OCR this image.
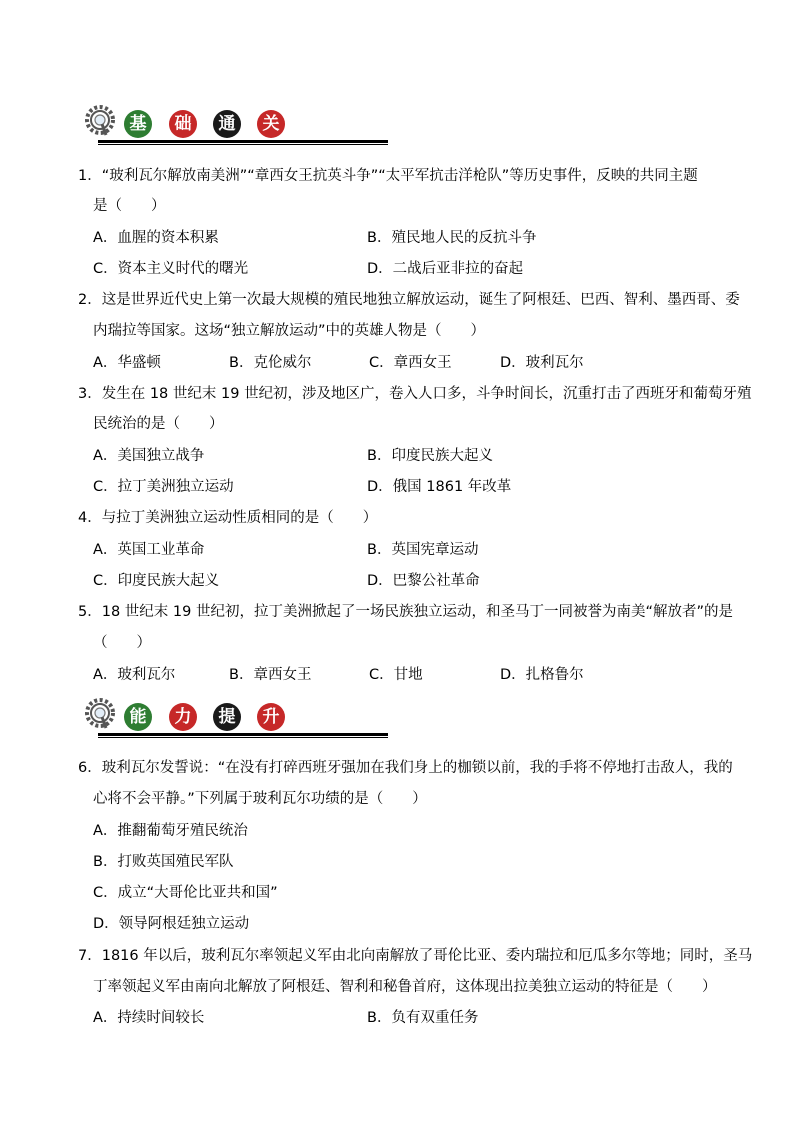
基	础	通	关
1．“玻利瓦尔解放南美洲”“章西女王抗英斗争”“太平军抗击洋枪队”等历史事件，反映的共同主题
是（　　）
A．血腥的资本积累	B．殖民地人民的反抗斗争
C．资本主义时代的曙光	D．二战后亚非拉的奋起
2．这是世界近代史上第一次最大规模的殖民地独立解放运动，诞生了阿根廷、巴西、智利、墨西哥、委
内瑞拉等国家。这场“独立解放运动”中的英雄人物是（　　）
A．华盛顿	B．克伦威尔	C．章西女王	D．玻利瓦尔
3．发生在 18 世纪末 19 世纪初，涉及地区广，卷入人口多，斗争时间长，沉重打击了西班牙和葡萄牙殖
民统治的是（　　）
A．美国独立战争	B．印度民族大起义
C．拉丁美洲独立运动	D．俄国 1861 年改革
4．与拉丁美洲独立运动性质相同的是（　　）
A．英国工业革命	B．英国宪章运动
C．印度民族大起义	D．巴黎公社革命
5．18 世纪末 19 世纪初，拉丁美洲掀起了一场民族独立运动，和圣马丁一同被誉为南美“解放者”的是
（　　）
A．玻利瓦尔	B．章西女王	C．甘地	D．扎格鲁尔
能	力	提	升
6．玻利瓦尔发誓说：“在没有打碎西班牙强加在我们身上的枷锁以前，我的手将不停地打击敌人，我的
心将不会平静。”下列属于玻利瓦尔功绩的是（　　）
A．推翻葡萄牙殖民统治
B．打败英国殖民军队
C．成立“大哥伦比亚共和国”
D．领导阿根廷独立运动
7．1816 年以后，玻利瓦尔率领起义军由北向南解放了哥伦比亚、委内瑞拉和厄瓜多尔等地；同时，圣马
丁率领起义军由南向北解放了阿根廷、智利和秘鲁首府，这体现出拉美独立运动的特征是（　　）
A．持续时间较长	B．负有双重任务
